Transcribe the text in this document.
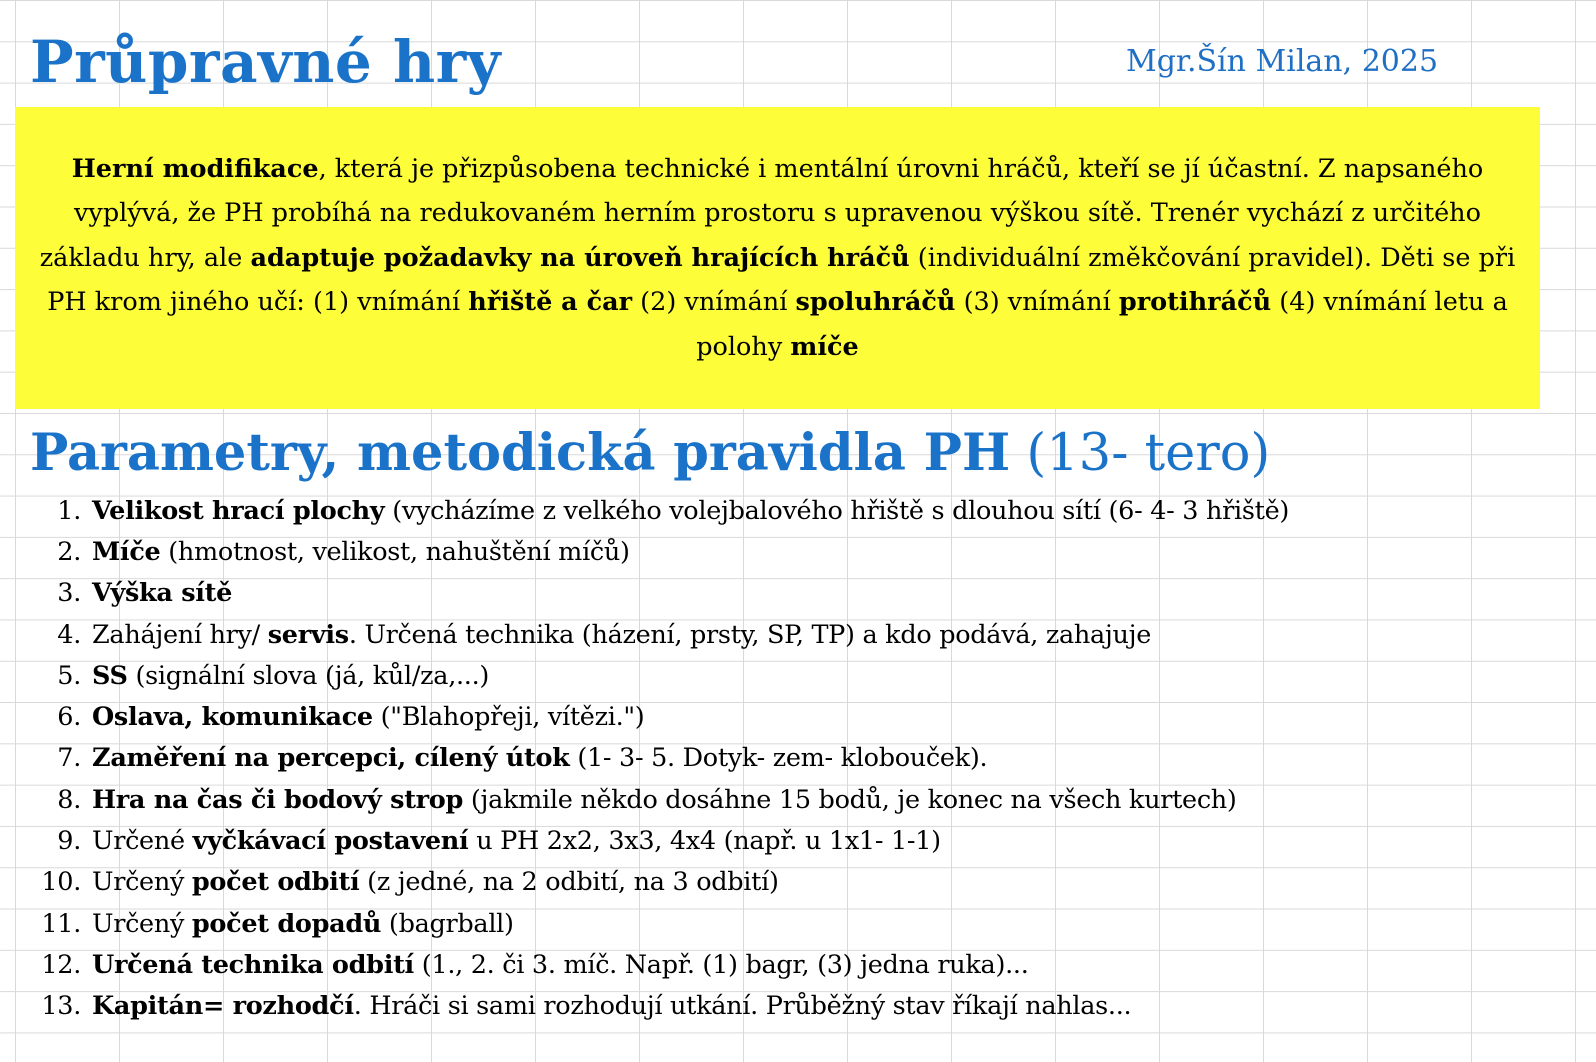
Průpravné hry	Mgr.Šín Milan, 2025

Herní modifikace, která je přizpůsobena technické i mentální úrovni hráčů, kteří se jí účastní. Z napsaného vyplývá, že PH probíhá na redukovaném herním prostoru s upravenou výškou sítě. Trenér vychází z určitého základu hry, ale adaptuje požadavky na úroveň hrajících hráčů (individuální změkčování pravidel). Děti se při PH krom jiného učí: (1) vnímání hřiště a čar (2) vnímání spoluhráčů (3) vnímání protihráčů (4) vnímání letu a polohy míče

Parametry, metodická pravidla PH (13- tero)
1. Velikost hrací plochy (vycházíme z velkého volejbalového hřiště s dlouhou sítí (6- 4- 3 hřiště)
2. Míče (hmotnost, velikost, nahuštění míčů)
3. Výška sítě
4. Zahájení hry/ servis. Určená technika (házení, prsty, SP, TP) a kdo podává, zahajuje
5. SS (signální slova (já, kůl/za,...)
6. Oslava, komunikace ("Blahopřeji, vítězi.")
7. Zaměření na percepci, cílený útok (1- 3- 5. Dotyk- zem- klobouček).
8. Hra na čas či bodový strop (jakmile někdo dosáhne 15 bodů, je konec na všech kurtech)
9. Určené vyčkávací postavení u PH 2x2, 3x3, 4x4 (např. u 1x1- 1-1)
10. Určený počet odbití (z jedné, na 2 odbití, na 3 odbití)
11. Určený počet dopadů (bagrball)
12. Určená technika odbití (1., 2. či 3. míč. Např. (1) bagr, (3) jedna ruka)...
13. Kapitán= rozhodčí. Hráči si sami rozhodují utkání. Průběžný stav říkají nahlas...
